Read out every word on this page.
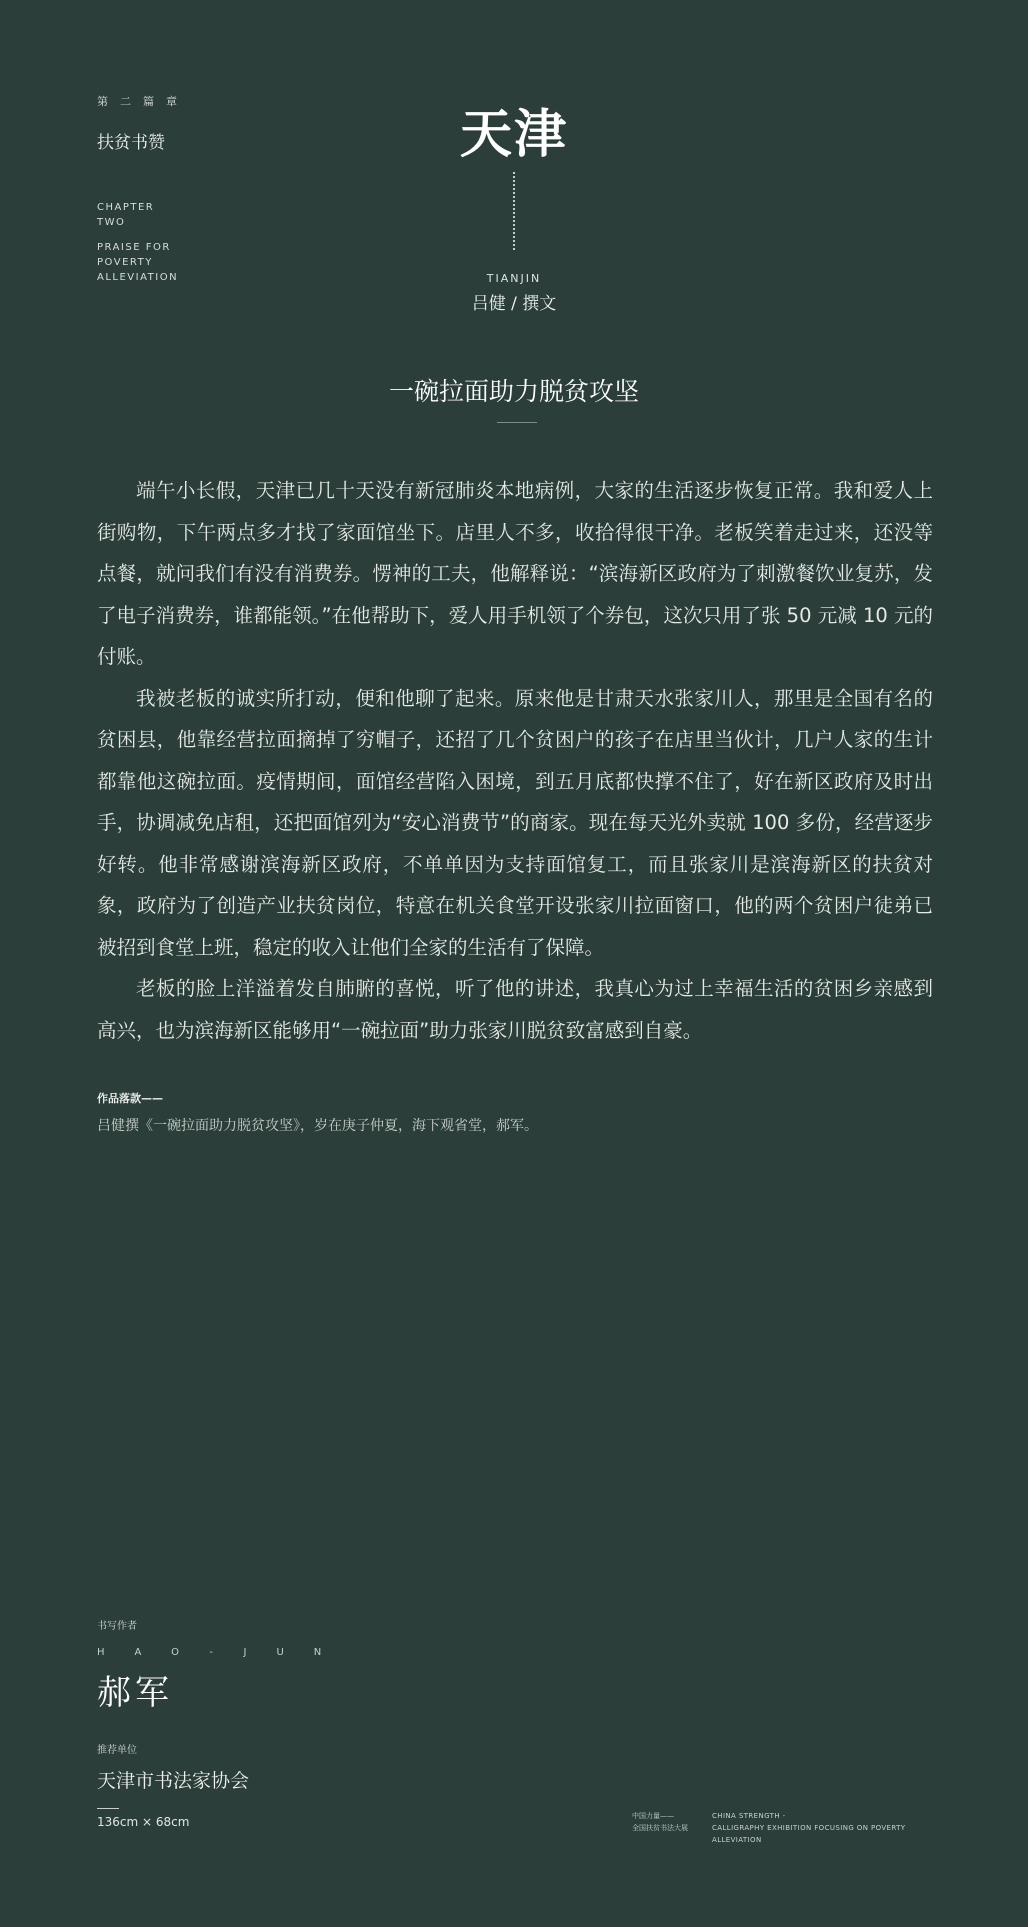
第二篇章
扶贫书赞
CHAPTER TWO
PRAISE FOR POVERTY ALLEVIATION
天津
TIANJIN
吕健 / 撰文
一碗拉面助力脱贫攻坚

端午小长假，天津已几十天没有新冠肺炎本地病例，大家的生活逐步恢复正常。我和爱人上街购物，下午两点多才找了家面馆坐下。店里人不多，收拾得很干净。老板笑着走过来，还没等点餐，就问我们有没有消费券。愣神的工夫，他解释说：“滨海新区政府为了刺激餐饮业复苏，发了电子消费券，谁都能领。”在他帮助下，爱人用手机领了个券包，这次只用了张 50 元减 10 元的付账。

我被老板的诚实所打动，便和他聊了起来。原来他是甘肃天水张家川人，那里是全国有名的贫困县，他靠经营拉面摘掉了穷帽子，还招了几个贫困户的孩子在店里当伙计，几户人家的生计都靠他这碗拉面。疫情期间，面馆经营陷入困境，到五月底都快撑不住了，好在新区政府及时出手，协调减免店租，还把面馆列为“安心消费节”的商家。现在每天光外卖就 100 多份，经营逐步好转。他非常感谢滨海新区政府，不单单因为支持面馆复工，而且张家川是滨海新区的扶贫对象，政府为了创造产业扶贫岗位，特意在机关食堂开设张家川拉面窗口，他的两个贫困户徒弟已被招到食堂上班，稳定的收入让他们全家的生活有了保障。

老板的脸上洋溢着发自肺腑的喜悦，听了他的讲述，我真心为过上幸福生活的贫困乡亲感到高兴，也为滨海新区能够用“一碗拉面”助力张家川脱贫致富感到自豪。

作品落款——
吕健撰《一碗拉面助力脱贫攻坚》，岁在庚子仲夏，海下观省堂，郝军。
书写作者
HAO-JUN
郝军
推荐单位
天津市书法家协会
136cm × 68cm	中国力量——
全国扶贫书法大展
CHINA STRENGTH -
CALLIGRAPHY EXHIBITION FOCUSING ON POVERTY ALLEVIATION
